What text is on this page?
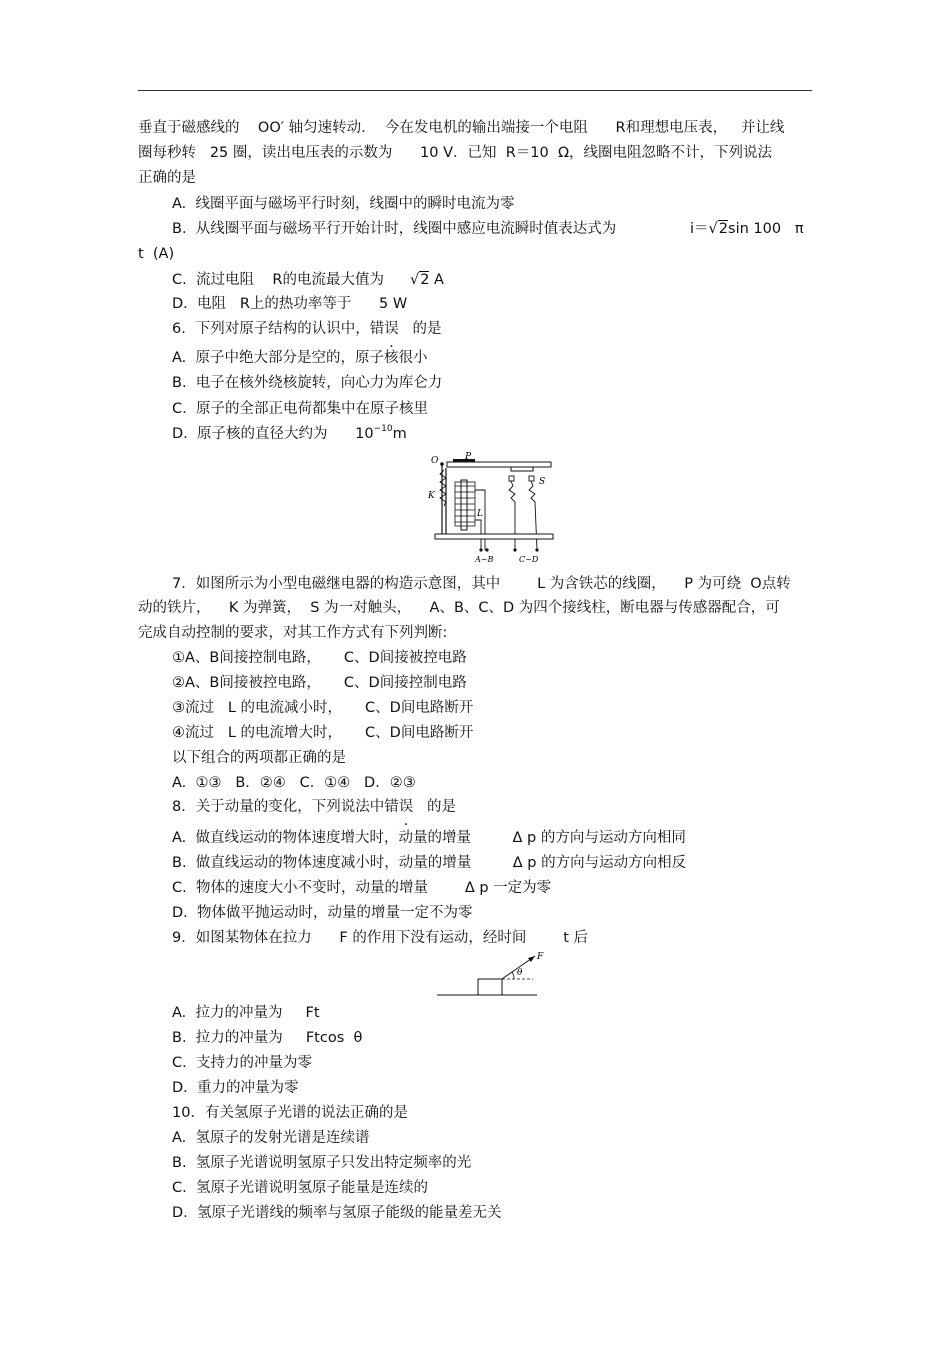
垂直于磁感线的    OO′ 轴匀速转动．  今在发电机的输出端接一个电阻      R和理想电压表，   并让线
圈每秒转   25 圈，读出电压表的示数为      10 V．已知  R＝10  Ω，线圈电阻忽略不计，下列说法
正确的是
A.  线圈平面与磁场平行时刻，线圈中的瞬时电流为零
B.  从线圈平面与磁场平行开始计时，线圈中感应电流瞬时值表达式为	i＝√2sin 100   π
t  (A)
C.  流过电阻    R的电流最大值为 √2 A
D.  电阻   R上的热功率等于      5 W
6．下列对原子结构的认识中，错误   的是
A.  原子中绝大部分是空的，原子核很小
B.  电子在核外绕核旋转，向心力为库仑力
C.  原子的全部正电荷都集中在原子核里
D.  原子核的直径大约为      $10^{-10}m$
O	P
K
L
S
A~B	C~D
7．如图所示为小型电磁继电器的构造示意图，其中        L 为含铁芯的线圈，    P 为可绕  O点转
动的铁片，    K 为弹簧，  S 为一对触头，    A、B、C、D 为四个接线柱，断电器与传感器配合，可
完成自动控制的要求，对其工作方式有下列判断:
①A、B间接控制电路，     C、D间接被控电路
②A、B间接被控电路，     C、D间接控制电路
③流过   L 的电流减小时，     C、D间电路断开
④流过   L 的电流增大时，     C、D间电路断开
以下组合的两项都正确的是
A.  ①③   B．②④   C．①④   D．②③
8．关于动量的变化，下列说法中错误   的是
A.  做直线运动的物体速度增大时，动量的增量         Δ p 的方向与运动方向相同
B.  做直线运动的物体速度减小时，动量的增量         Δ p 的方向与运动方向相反
C.  物体的速度大小不变时，动量的增量        Δ p 一定为零
D.  物体做平抛运动时，动量的增量一定不为零
9．如图某物体在拉力      F 的作用下没有运动，经时间        t 后
F
θ
A.  拉力的冲量为     Ft
B.  拉力的冲量为     Ftcos  θ
C.  支持力的冲量为零
D.  重力的冲量为零
10．有关氢原子光谱的说法正确的是
A.  氢原子的发射光谱是连续谱
B.  氢原子光谱说明氢原子只发出特定频率的光
C.  氢原子光谱说明氢原子能量是连续的
D.  氢原子光谱线的频率与氢原子能级的能量差无关
